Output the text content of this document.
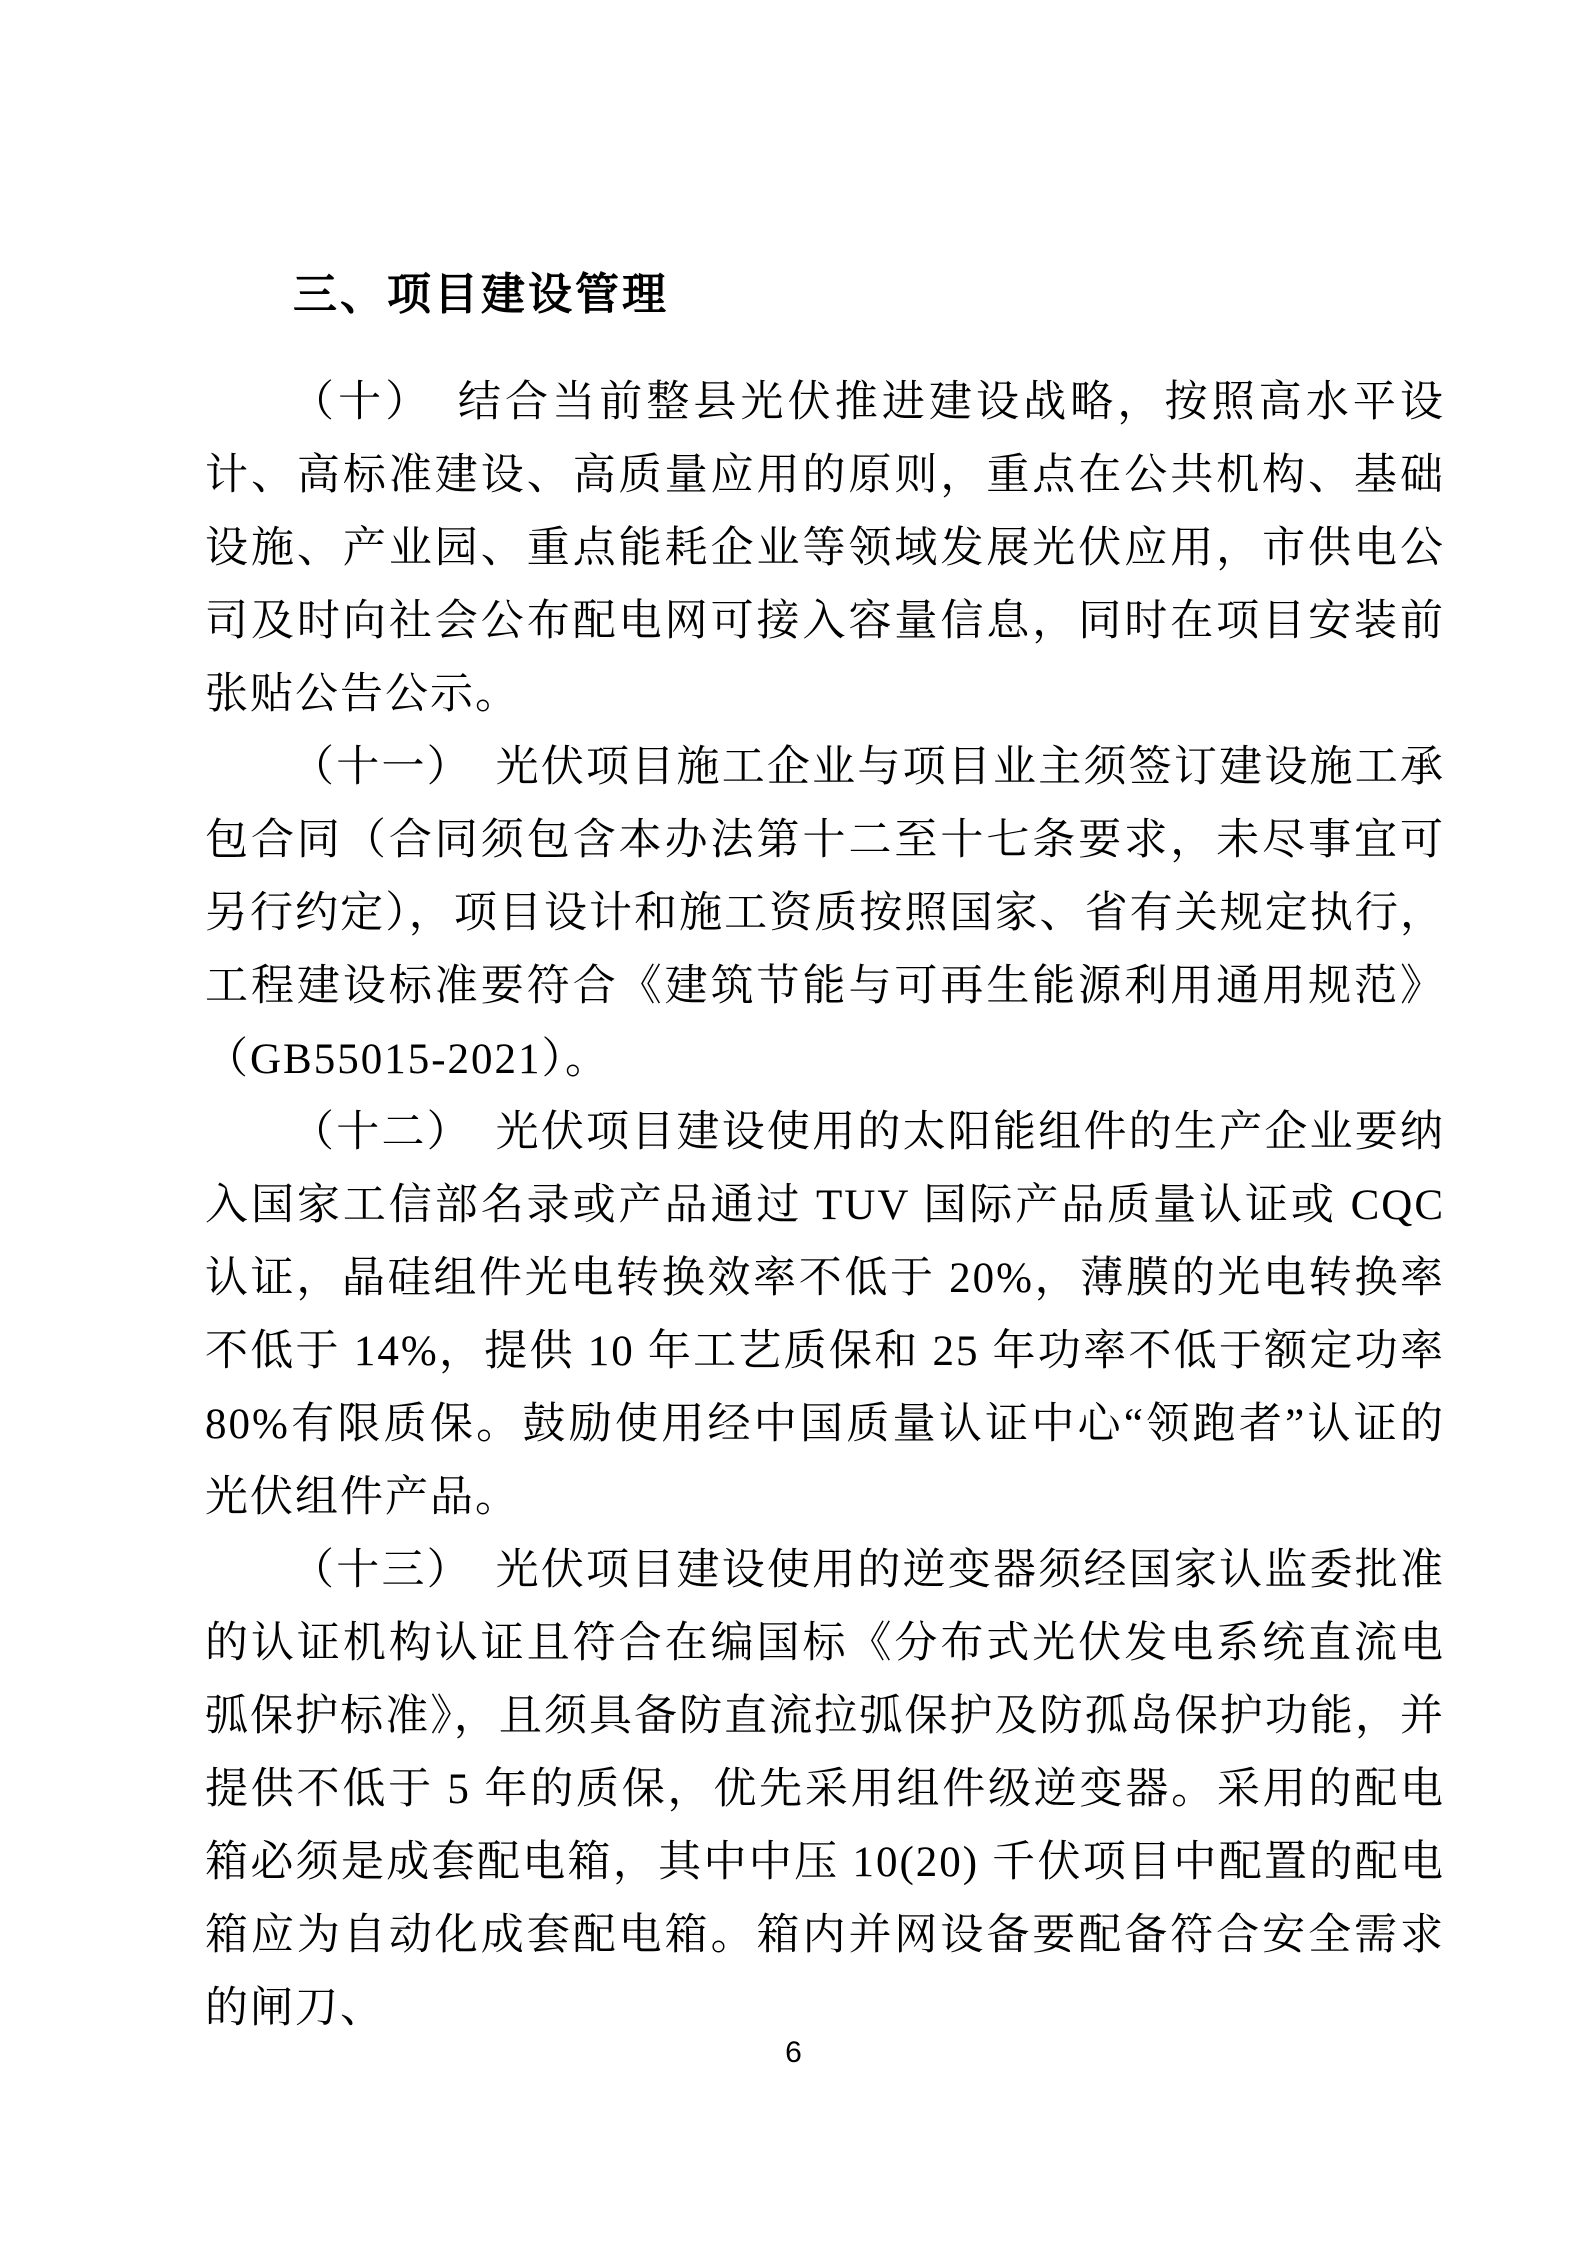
三、项目建设管理

（十）　结合当前整县光伏推进建设战略，按照高水平设计、高标准建设、高质量应用的原则，重点在公共机构、基础设施、产业园、重点能耗企业等领域发展光伏应用，市供电公司及时向社会公布配电网可接入容量信息，同时在项目安装前张贴公告公示。

（十一）　光伏项目施工企业与项目业主须签订建设施工承包合同（合同须包含本办法第十二至十七条要求，未尽事宜可另行约定），项目设计和施工资质按照国家、省有关规定执行，工程建设标准要符合《建筑节能与可再生能源利用通用规范》（GB55015-2021）。

（十二）　光伏项目建设使用的太阳能组件的生产企业要纳入国家工信部名录或产品通过 TUV 国际产品质量认证或 CQC 认证，晶硅组件光电转换效率不低于 20%，薄膜的光电转换率不低于 14%，提供 10 年工艺质保和 25 年功率不低于额定功率 80%有限质保。鼓励使用经中国质量认证中心“领跑者”认证的光伏组件产品。

（十三）　光伏项目建设使用的逆变器须经国家认监委批准的认证机构认证且符合在编国标《分布式光伏发电系统直流电弧保护标准》，且须具备防直流拉弧保护及防孤岛保护功能，并提供不低于 5 年的质保，优先采用组件级逆变器。采用的配电箱必须是成套配电箱，其中中压 10(20) 千伏项目中配置的配电箱应为自动化成套配电箱。箱内并网设备要配备符合安全需求的闸刀、

6
